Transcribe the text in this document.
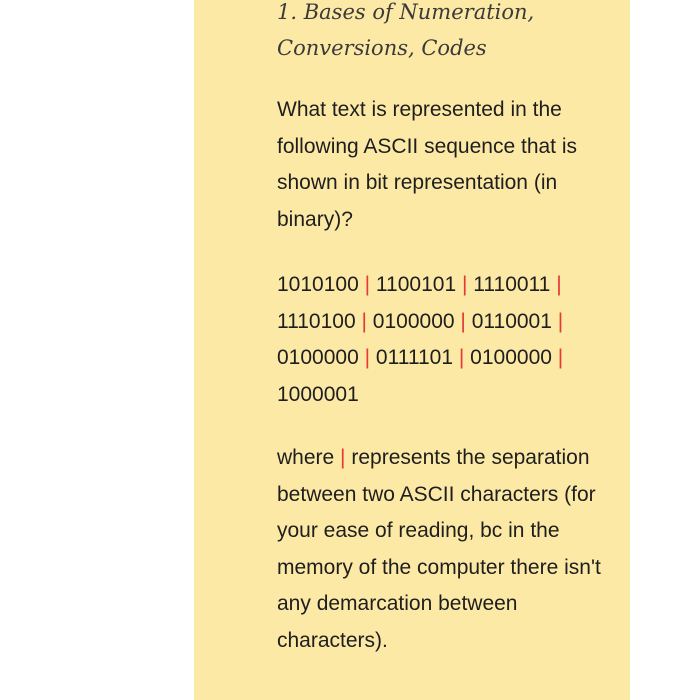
1. Bases of Numeration, Conversions, Codes

What text is represented in the following ASCII sequence that is shown in bit representation (in binary)?

1010100 | 1100101 | 1110011 | 1110100 | 0100000 | 0110001 | 0100000 | 0111101 | 0100000 | 1000001

where | represents the separation between two ASCII characters (for your ease of reading, bc in the memory of the computer there isn't any demarcation between characters).
